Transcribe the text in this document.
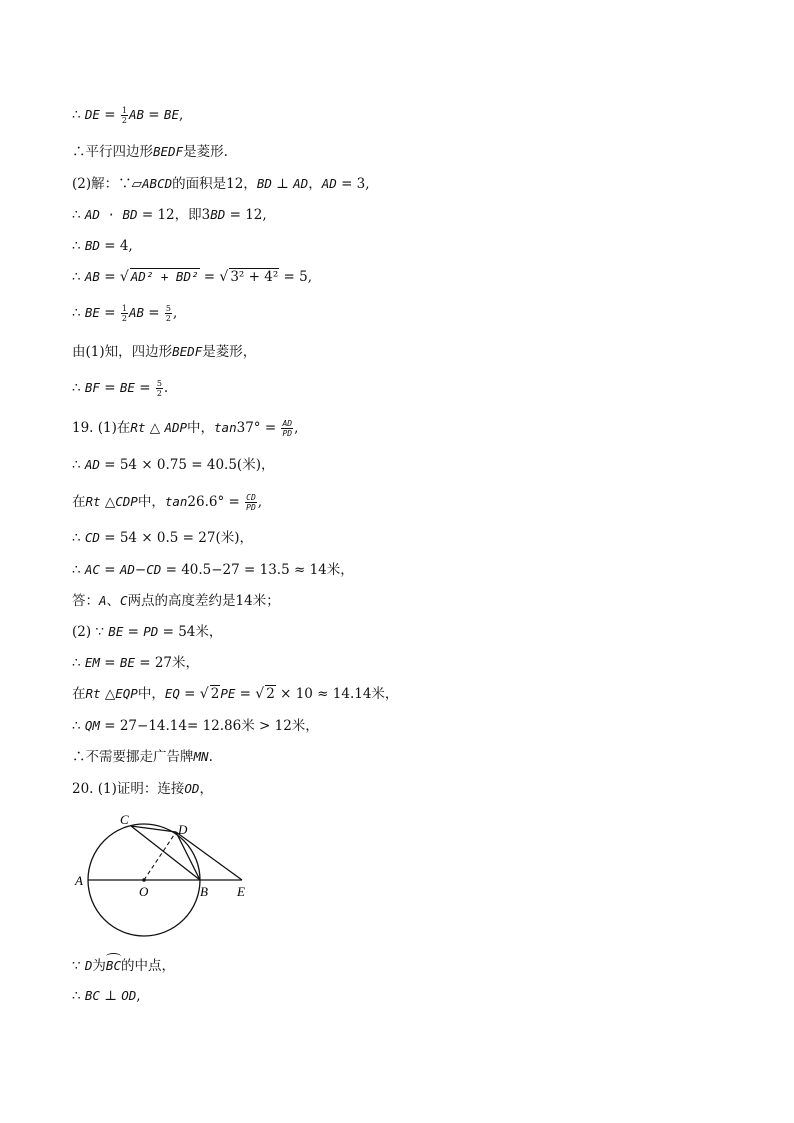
∴ DE = $\frac{1}{2}$ AB = BE,
∴平行四边形BEDF是菱形.
(2)解：∵▱ABCD的面积是12，BD ⊥ AD，AD = 3,
∴ AD · BD = 12，即3BD = 12,
∴ BD = 4,
∴ AB = √ AD² + BD² = √ 3² + 4² = 5,
∴ BE = $\frac{1}{2}$ AB = $\frac{5}{2}$ ,
由(1)知，四边形BEDF是菱形，
∴ BF = BE = $\frac{5}{2}$ .
19. (1)在Rt △ ADP中，$\tan 37^\circ = \frac{AD}{PD}$ ,
∴ AD = 54 × 0.75 = 40.5(米)，
在Rt △CDP中，$\tan 26.6^\circ = \frac{CD}{PD}$ ,
∴ CD = 54 × 0.5 = 27(米)，
∴ AC = AD−CD = 40.5−27 = 13.5 ≈ 14米，
答：A、C两点的高度差约是14米；
(2) ∵ BE = PD = 54米，
∴ EM = BE = 27米，
在Rt △EQP中，EQ = √ 2PE = √ 2 × 10 ≈ 14.14米，
∴ QM = 27−14.14= 12.86米 > 12米，
∴不需要挪走广告牌MN.
20. (1)证明：连接OD，
C
D
A
O	B E
∵ D为BC的中点，
∴ BC ⊥ OD,
